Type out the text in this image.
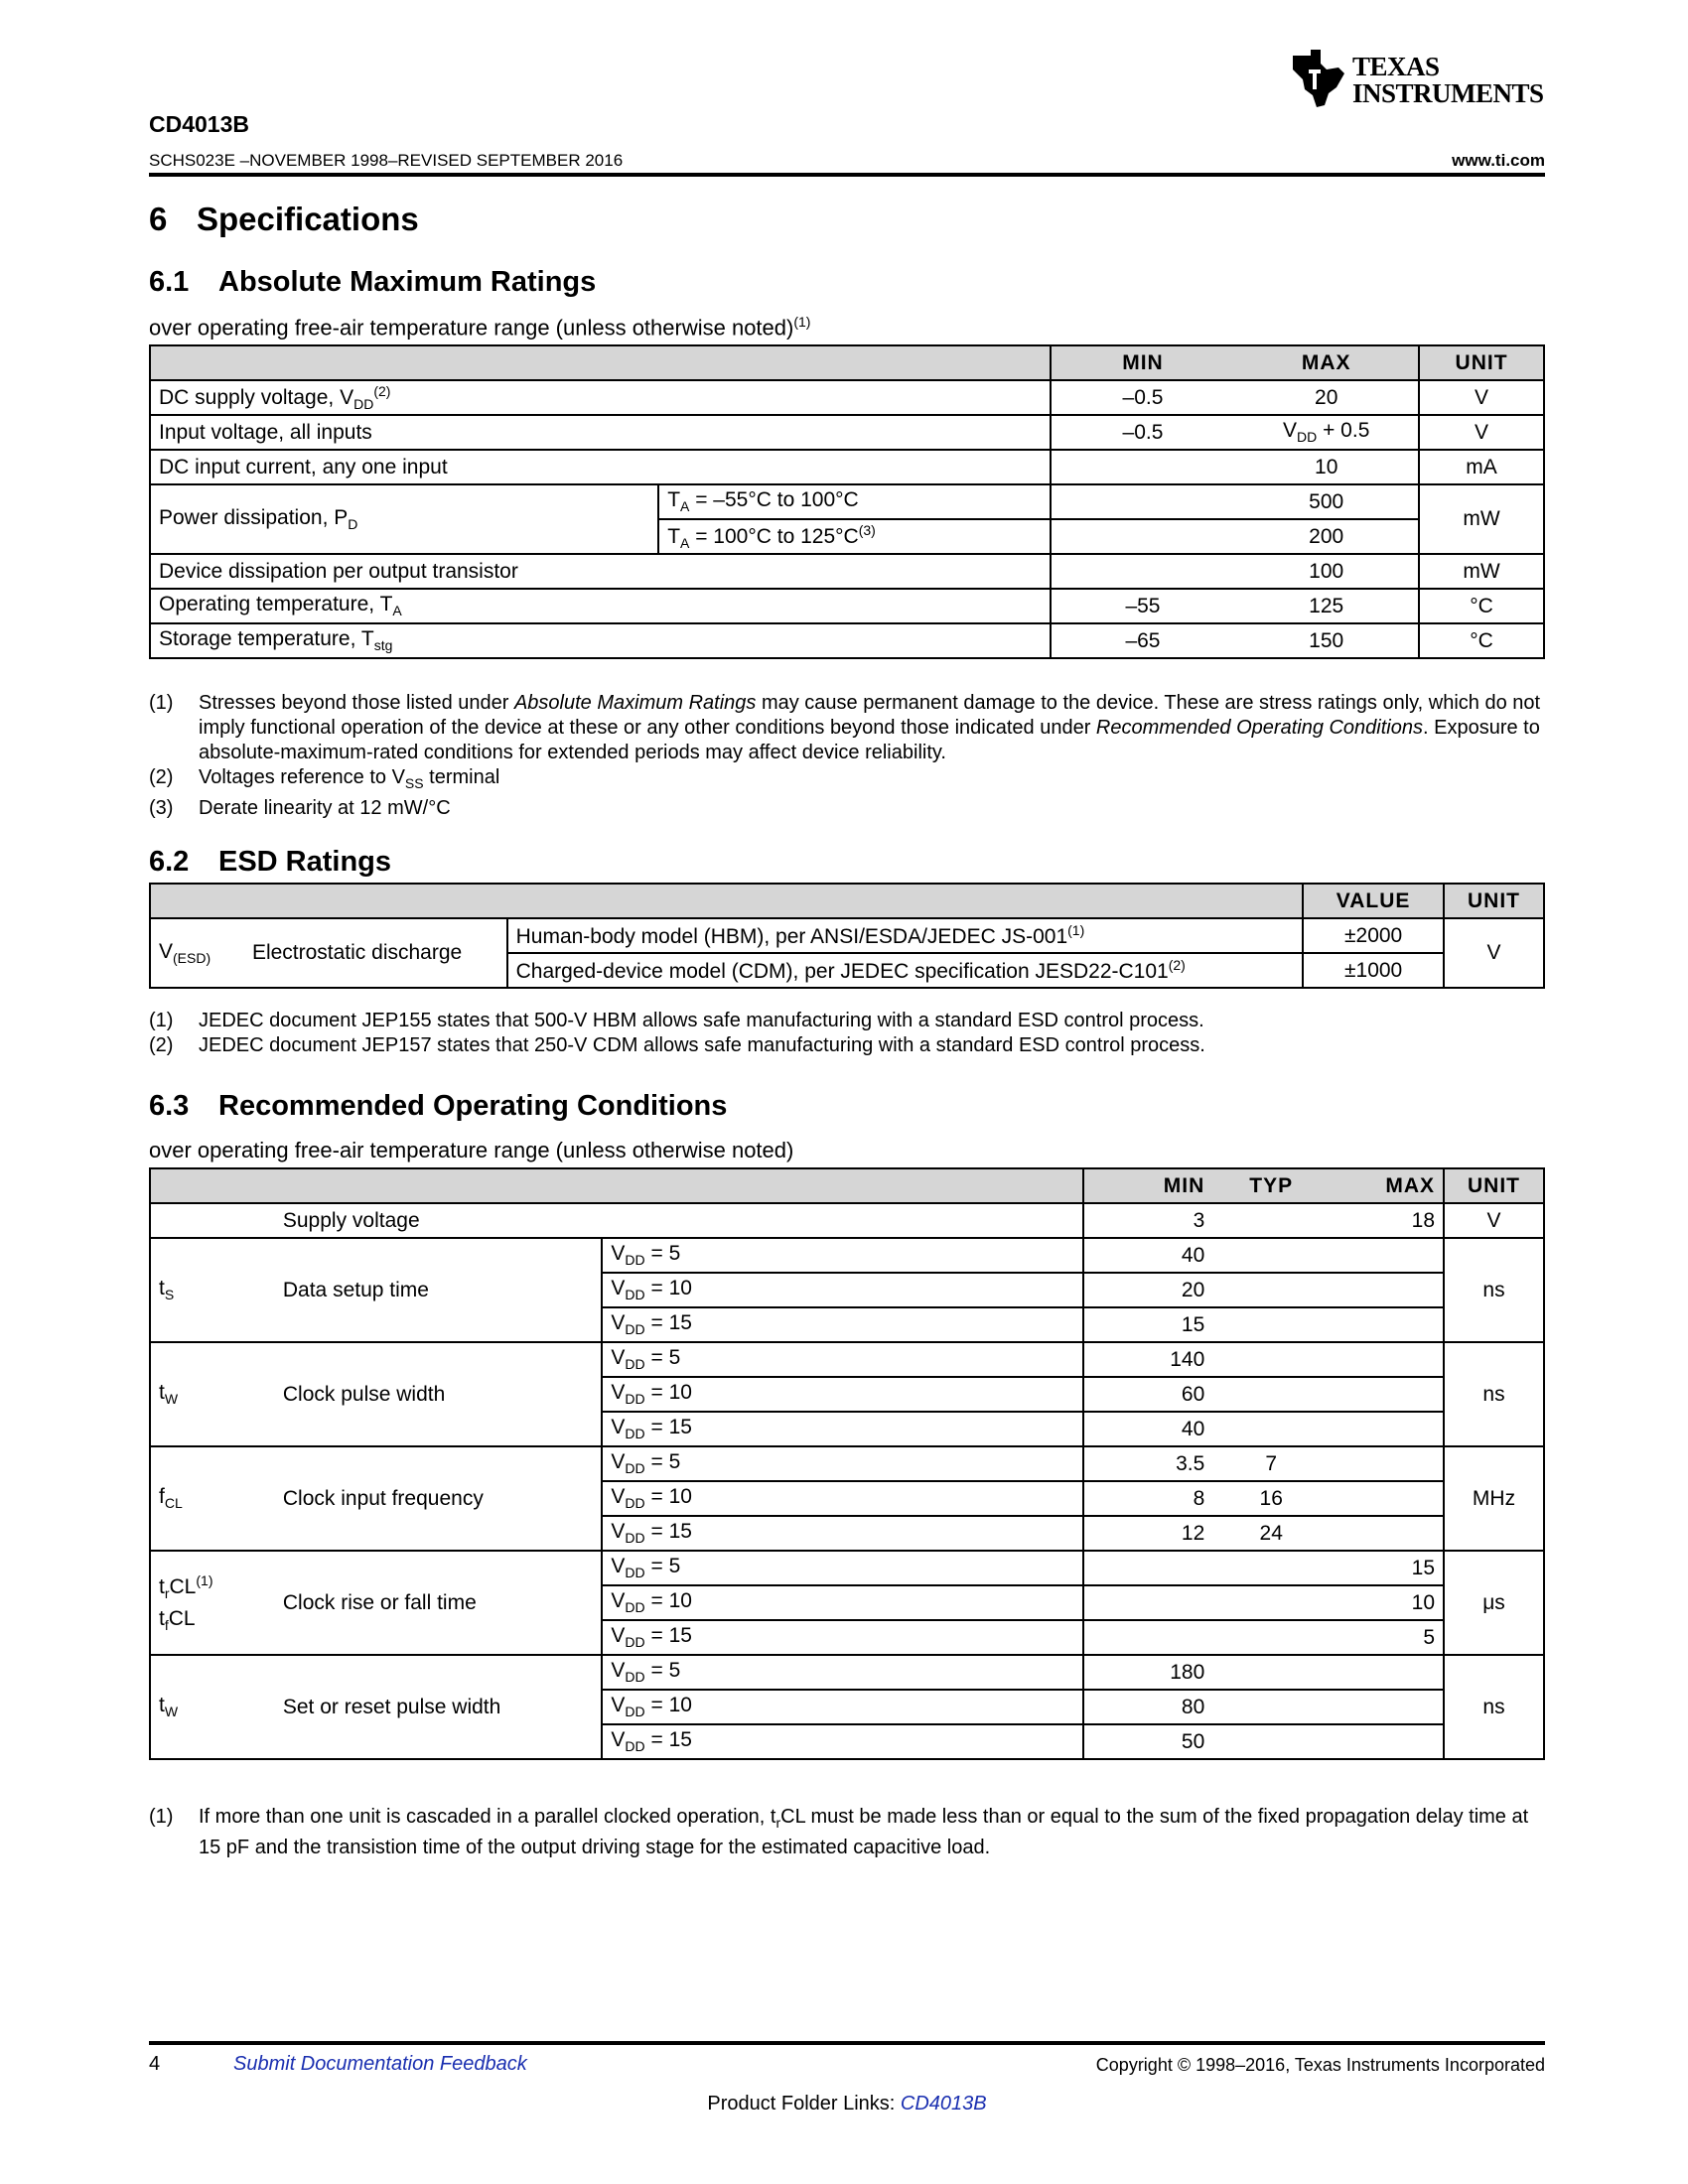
TEXAS
INSTRUMENTS
CD4013B
SCHS023E –NOVEMBER 1998–REVISED SEPTEMBER 2016	www.ti.com
6 Specifications
6.1 Absolute Maximum Ratings
over operating free-air temperature range (unless otherwise noted)$^{(1)}$
		MIN	MAX	UNIT
DC supply voltage, $V_{DD}^{(2)}$		–0.5	20	V
Input voltage, all inputs		–0.5	$V_{DD} + 0.5$	V
DC input current, any one input			10	mA
Power dissipation, $P_D$	$T_A = -55^\circ C$ to 100°C		500	mW
	$T_A = 100^\circ C$ to $125^\circ C^{(3)}$		200	
Device dissipation per output transistor			100	mW
Operating temperature, $T_A$		–55	125	°C
Storage temperature, $T_{stg}$		–65	150	°C
(1)	Stresses beyond those listed under Absolute Maximum Ratings may cause permanent damage to the device. These are stress ratings only, which do not imply functional operation of the device at these or any other conditions beyond those indicated under Recommended Operating Conditions. Exposure to absolute-maximum-rated conditions for extended periods may affect device reliability.
(2)	Voltages reference to $V_{SS}$ terminal
(3)	Derate linearity at 12 mW/°C
6.2 ESD Ratings
			VALUE	UNIT
$V_{(ESD)}$	Electrostatic discharge	Human-body model (HBM), per ANSI/ESDA/JEDEC $JS-001^{(1)}$	±2000	V
		Charged-device model (CDM), per JEDEC specification $JESD22-C101^{(2)}$	±1000	
(1)	JEDEC document JEP155 states that 500-V HBM allows safe manufacturing with a standard ESD control process.
(2)	JEDEC document JEP157 states that 250-V CDM allows safe manufacturing with a standard ESD control process.
6.3 Recommended Operating Conditions
over operating free-air temperature range (unless otherwise noted)
			MIN	TYP	MAX	UNIT
	Supply voltage		3		18	V
$t_S$	Data setup time	$V_{DD} = 5$	40			ns
		$V_{DD} = 10$	20			
		$V_{DD} = 15$	15			
$t_W$	Clock pulse width	$V_{DD} = 5$	140			ns
		$V_{DD} = 10$	60			
		$V_{DD} = 15$	40			
$f_{CL}$	Clock input frequency	$V_{DD} = 5$	3.5	7		MHz
		$V_{DD} = 10$	8	16		
		$V_{DD} = 15$	12	24		
$t_rCL^{(1)}$
$t_fCL$	Clock rise or fall time	$V_{DD} = 5$			15	μs
		$V_{DD} = 10$			10	
		$V_{DD} = 15$			5	
$t_W$	Set or reset pulse width	$V_{DD} = 5$	180			ns
		$V_{DD} = 10$	80			
		$V_{DD} = 15$	50			
(1)	If more than one unit is cascaded in a parallel clocked operation, $t_rCL$ must be made less than or equal to the sum of the fixed propagation delay time at 15 pF and the transistion time of the output driving stage for the estimated capacitive load.
4	Submit Documentation Feedback	Copyright © 1998–2016, Texas Instruments Incorporated
Product Folder Links: CD4013B
